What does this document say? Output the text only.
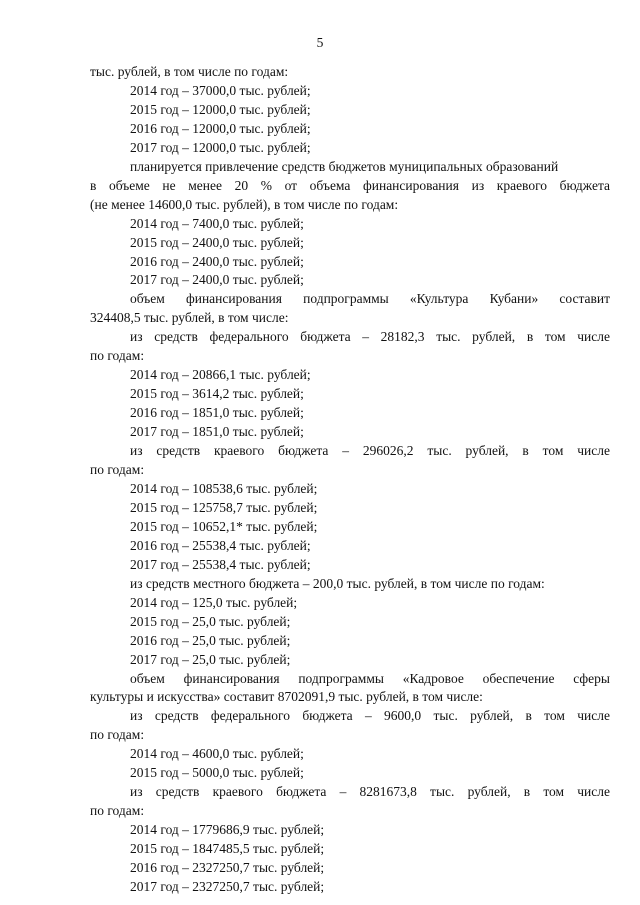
5
тыс. рублей, в том числе по годам:
2014 год – 37000,0 тыс. рублей;
2015 год – 12000,0 тыс. рублей;
2016 год – 12000,0 тыс. рублей;
2017 год – 12000,0 тыс. рублей;
планируется привлечение средств бюджетов муниципальных образований
в объеме не менее 20 % от объема финансирования из краевого бюджета
(не менее 14600,0 тыс. рублей), в том числе по годам:
2014 год – 7400,0 тыс. рублей;
2015 год – 2400,0 тыс. рублей;
2016 год – 2400,0 тыс. рублей;
2017 год – 2400,0 тыс. рублей;
объем финансирования подпрограммы «Культура Кубани» составит
324408,5 тыс. рублей, в том числе:
из средств федерального бюджета – 28182,3 тыс. рублей, в том числе
по годам:
2014 год – 20866,1 тыс. рублей;
2015 год – 3614,2 тыс. рублей;
2016 год – 1851,0 тыс. рублей;
2017 год – 1851,0 тыс. рублей;
из средств краевого бюджета – 296026,2 тыс. рублей, в том числе
по годам:
2014 год – 108538,6 тыс. рублей;
2015 год – 125758,7 тыс. рублей;
2015 год – 10652,1* тыс. рублей;
2016 год – 25538,4 тыс. рублей;
2017 год – 25538,4 тыс. рублей;
из средств местного бюджета – 200,0 тыс. рублей, в том числе по годам:
2014 год – 125,0 тыс. рублей;
2015 год – 25,0 тыс. рублей;
2016 год – 25,0 тыс. рублей;
2017 год – 25,0 тыс. рублей;
объем финансирования подпрограммы «Кадровое обеспечение сферы
культуры и искусства» составит 8702091,9 тыс. рублей, в том числе:
из средств федерального бюджета – 9600,0 тыс. рублей, в том числе
по годам:
2014 год – 4600,0 тыс. рублей;
2015 год – 5000,0 тыс. рублей;
из средств краевого бюджета – 8281673,8 тыс. рублей, в том числе
по годам:
2014 год – 1779686,9 тыс. рублей;
2015 год – 1847485,5 тыс. рублей;
2016 год – 2327250,7 тыс. рублей;
2017 год – 2327250,7 тыс. рублей;
